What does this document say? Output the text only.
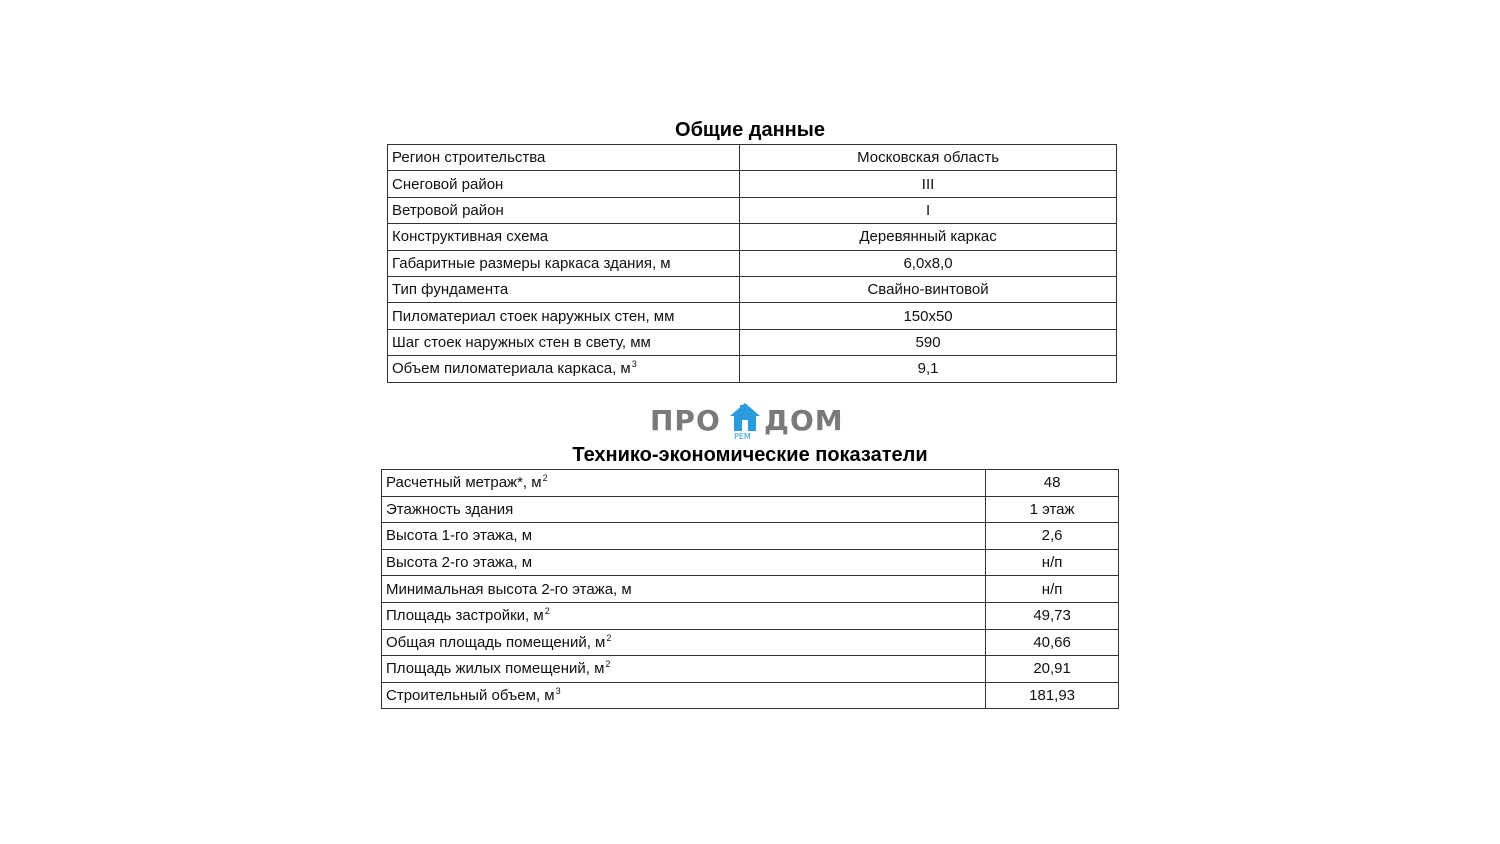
Общие данные
Регион строительства	Московская область
Снеговой район	III
Ветровой район	I
Конструктивная схема	Деревянный каркас
Габаритные размеры каркаса здания, м	6,0x8,0
Тип фундамента	Свайно-винтовой
Пиломатериал стоек наружных стен, мм	150x50
Шаг стоек наружных стен в свету, мм	590
Объем пиломатериала каркаса, $м^3$	9,1
ПРО РЕМ ДОМ
Технико-экономические показатели
Расчетный метраж*, $м^2$	48
Этажность здания	1 этаж
Высота 1-го этажа, м	2,6
Высота 2-го этажа, м	н/п
Минимальная высота 2-го этажа, м	н/п
Площадь застройки, $м^2$	49,73
Общая площадь помещений, $м^2$	40,66
Площадь жилых помещений, $м^2$	20,91
Строительный объем, $м^3$	181,93
